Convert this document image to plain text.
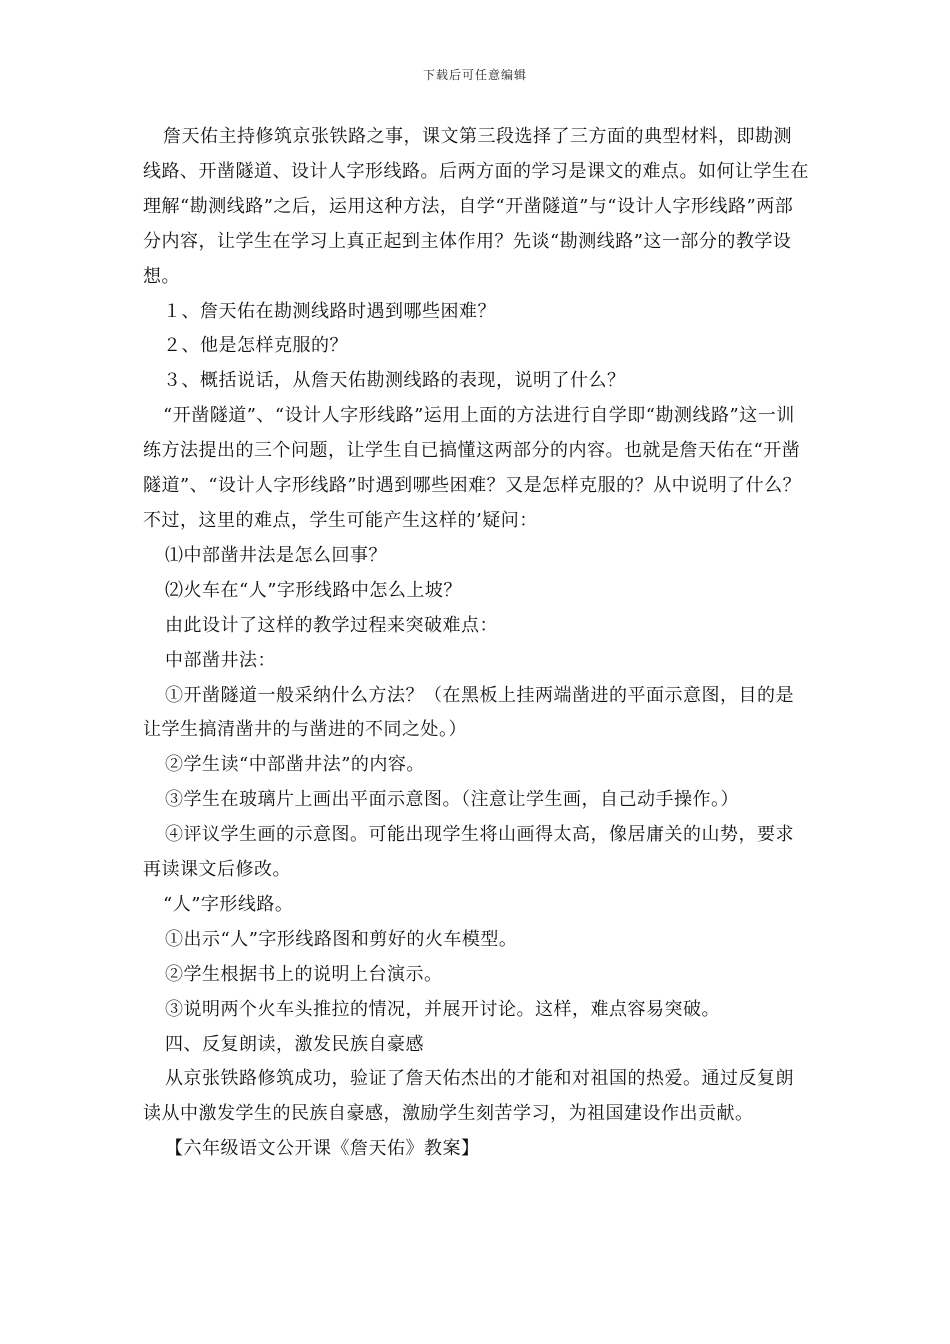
下载后可任意编辑

詹天佑主持修筑京张铁路之事，课文第三段选择了三方面的典型材料，即勘测线路、开凿隧道、设计人字形线路。后两方面的学习是课文的难点。如何让学生在理解“勘测线路”之后，运用这种方法，自学“开凿隧道”与“设计人字形线路”两部分内容，让学生在学习上真正起到主体作用？先谈“勘测线路”这一部分的教学设想。

１、詹天佑在勘测线路时遇到哪些困难？

２、他是怎样克服的？

３、概括说话，从詹天佑勘测线路的表现，说明了什么？

“开凿隧道”、“设计人字形线路”运用上面的方法进行自学即“勘测线路”这一训练方法提出的三个问题，让学生自已搞懂这两部分的内容。也就是詹天佑在“开凿隧道”、“设计人字形线路”时遇到哪些困难？又是怎样克服的？从中说明了什么？不过，这里的难点，学生可能产生这样的’疑问：

⑴中部凿井法是怎么回事？

⑵火车在“人”字形线路中怎么上坡？

由此设计了这样的教学过程来突破难点：

中部凿井法：

①开凿隧道一般采纳什么方法？（在黑板上挂两端凿进的平面示意图，目的是让学生搞清凿井的与凿进的不同之处。）

②学生读“中部凿井法”的内容。

③学生在玻璃片上画出平面示意图。（注意让学生画，自己动手操作。）

④评议学生画的示意图。可能出现学生将山画得太高，像居庸关的山势，要求再读课文后修改。

“人”字形线路。

①出示“人”字形线路图和剪好的火车模型。

②学生根据书上的说明上台演示。

③说明两个火车头推拉的情况，并展开讨论。这样，难点容易突破。

四、反复朗读，激发民族自豪感

从京张铁路修筑成功，验证了詹天佑杰出的才能和对祖国的热爱。通过反复朗读从中激发学生的民族自豪感，激励学生刻苦学习，为祖国建设作出贡献。

【六年级语文公开课《詹天佑》教案】
